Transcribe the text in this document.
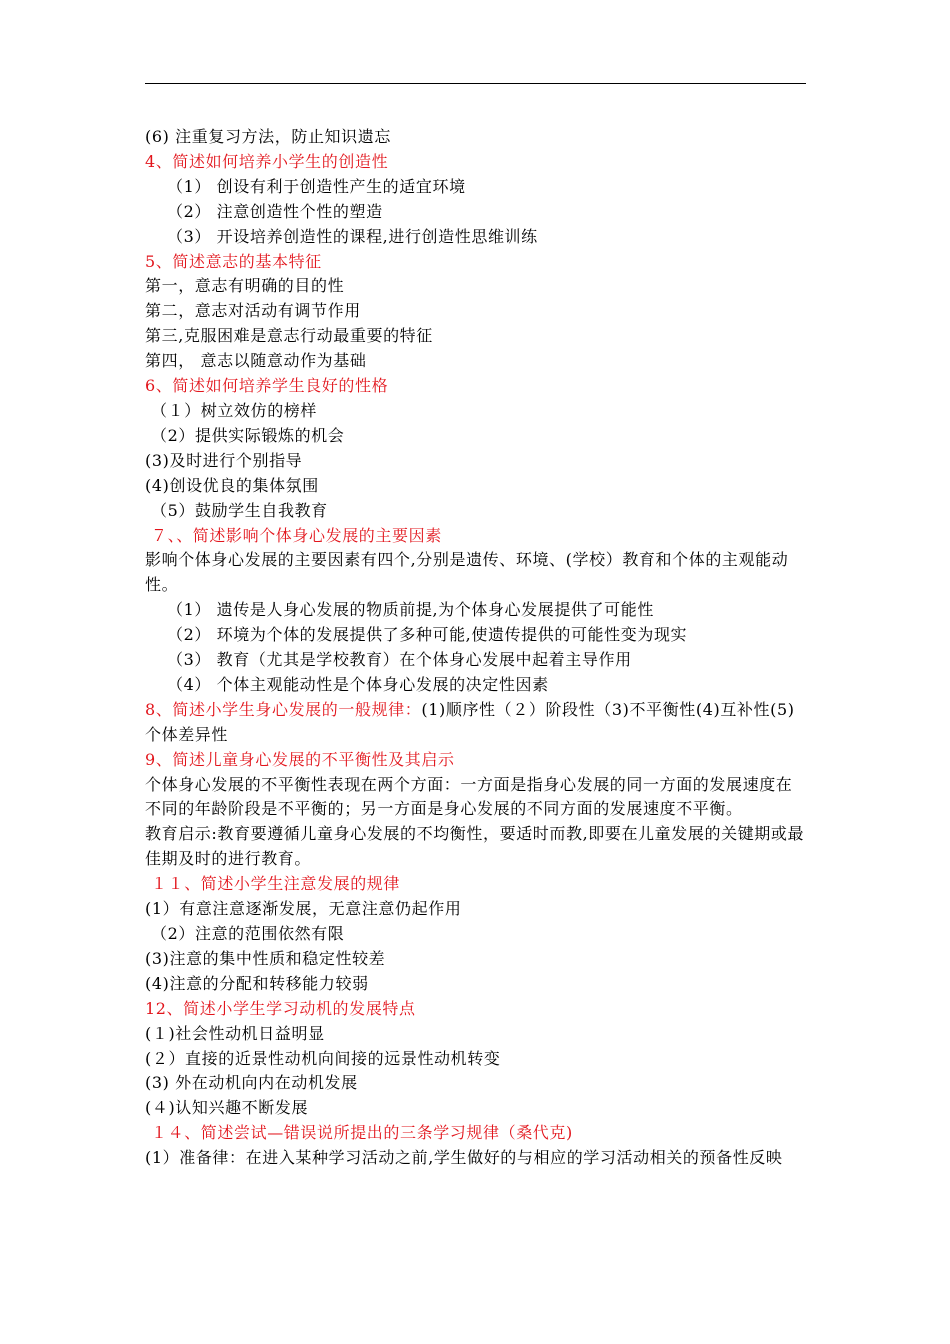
(6) 注重复习方法，防止知识遗忘
4、简述如何培养小学生的创造性
（1） 创设有利于创造性产生的适宜环境
（2） 注意创造性个性的塑造
（3） 开设培养创造性的课程,进行创造性思维训练
5、简述意志的基本特征
第一，意志有明确的目的性
第二，意志对活动有调节作用
第三,克服困难是意志行动最重要的特征
第四， 意志以随意动作为基础
6、简述如何培养学生良好的性格
（１）树立效仿的榜样
（2）提供实际锻炼的机会
(3)及时进行个别指导
(4)创设优良的集体氛围
（5）鼓励学生自我教育
７、、简述影响个体身心发展的主要因素
影响个体身心发展的主要因素有四个,分别是遗传、环境、(学校）教育和个体的主观能动性。
（1） 遗传是人身心发展的物质前提,为个体身心发展提供了可能性
（2） 环境为个体的发展提供了多种可能,使遗传提供的可能性变为现实
（3） 教育（尤其是学校教育）在个体身心发展中起着主导作用
（4） 个体主观能动性是个体身心发展的决定性因素
8、简述小学生身心发展的一般规律：(1)顺序性（２）阶段性（3)不平衡性(4)互补性(5) 个体差异性
9、简述儿童身心发展的不平衡性及其启示
个体身心发展的不平衡性表现在两个方面：一方面是指身心发展的同一方面的发展速度在不同的年龄阶段是不平衡的；另一方面是身心发展的不同方面的发展速度不平衡。
教育启示:教育要遵循儿童身心发展的不均衡性，要适时而教,即要在儿童发展的关键期或最佳期及时的进行教育。
１１、简述小学生注意发展的规律
(1）有意注意逐渐发展，无意注意仍起作用
（2）注意的范围依然有限
(3)注意的集中性质和稳定性较差
(4)注意的分配和转移能力较弱
12、简述小学生学习动机的发展特点
(１)社会性动机日益明显
(２）直接的近景性动机向间接的远景性动机转变
(3) 外在动机向内在动机发展
(４)认知兴趣不断发展
１４、简述尝试—错误说所提出的三条学习规律（桑代克)
(1）准备律：在进入某种学习活动之前,学生做好的与相应的学习活动相关的预备性反映
